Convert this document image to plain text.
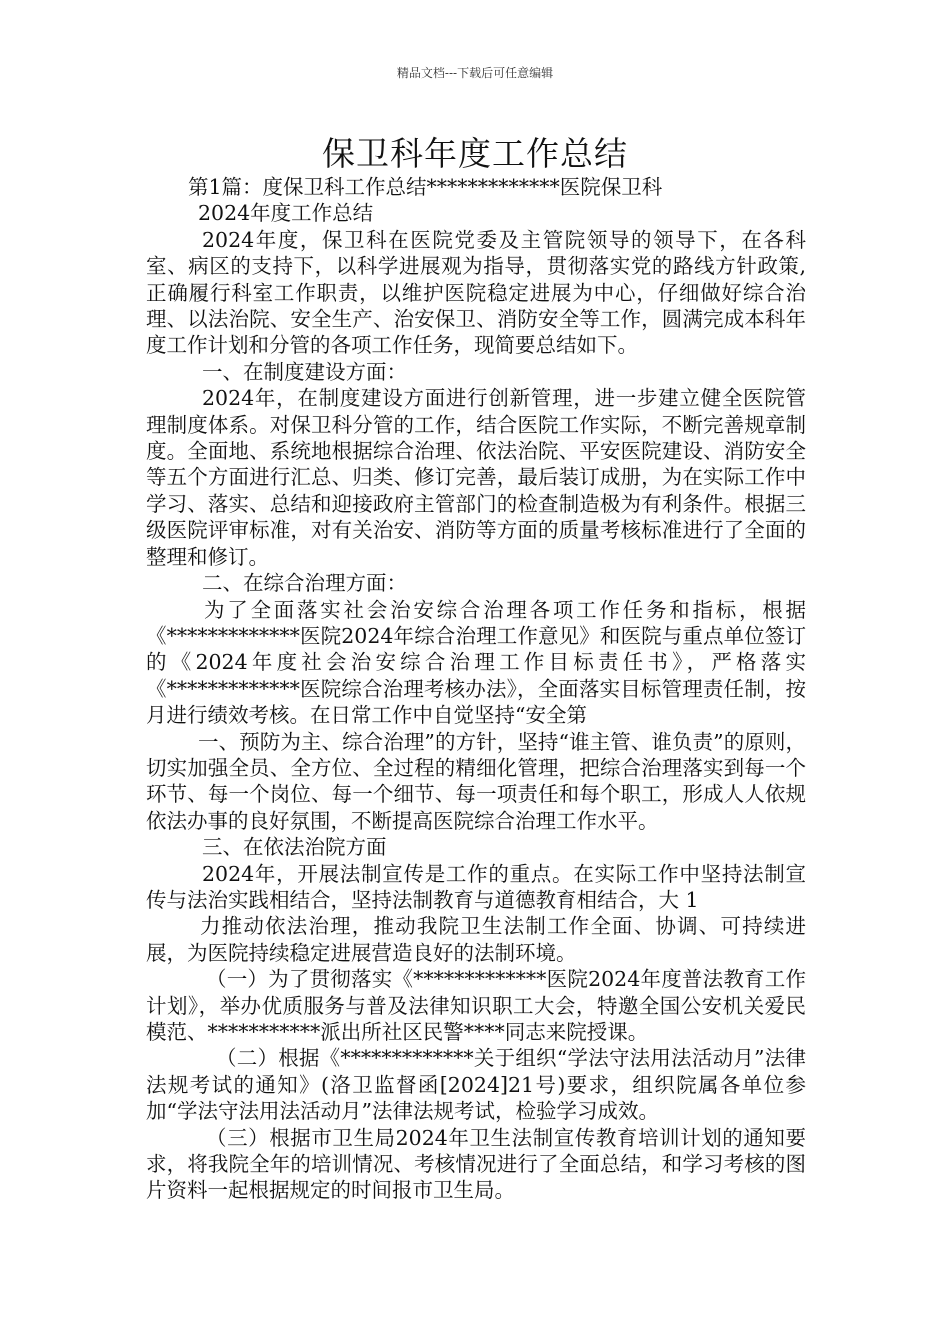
精品文档---下载后可任意编辑
保卫科年度工作总结

第1篇：度保卫科工作总结*************医院保卫科

2024年度工作总结

2024年度，保卫科在医院党委及主管院领导的领导下，在各科室、病区的支持下，以科学进展观为指导，贯彻落实党的路线方针政策,正确履行科室工作职责，以维护医院稳定进展为中心，仔细做好综合治理、以法治院、安全生产、治安保卫、消防安全等工作，圆满完成本科年度工作计划和分管的各项工作任务，现简要总结如下。

一、在制度建设方面：

2024年，在制度建设方面进行创新管理，进一步建立健全医院管理制度体系。对保卫科分管的工作，结合医院工作实际，不断完善规章制度。全面地、系统地根据综合治理、依法治院、平安医院建设、消防安全等五个方面进行汇总、归类、修订完善，最后装订成册，为在实际工作中学习、落实、总结和迎接政府主管部门的检查制造极为有利条件。根据三级医院评审标准，对有关治安、消防等方面的质量考核标准进行了全面的整理和修订。

二、在综合治理方面：

为了全面落实社会治安综合治理各项工作任务和指标，根据《*************医院2024年综合治理工作意见》和医院与重点单位签订的《2024年度社会治安综合治理工作目标责任书》，严格落实《*************医院综合治理考核办法》，全面落实目标管理责任制，按月进行绩效考核。在日常工作中自觉坚持“安全第

一、预防为主、综合治理”的方针，坚持“谁主管、谁负责”的原则，切实加强全员、全方位、全过程的精细化管理，把综合治理落实到每一个环节、每一个岗位、每一个细节、每一项责任和每个职工，形成人人依规依法办事的良好氛围，不断提高医院综合治理工作水平。

三、在依法治院方面

2024年，开展法制宣传是工作的重点。在实际工作中坚持法制宣传与法治实践相结合，坚持法制教育与道德教育相结合，大 1

力推动依法治理，推动我院卫生法制工作全面、协调、可持续进展，为医院持续稳定进展营造良好的法制环境。

（一）为了贯彻落实《*************医院2024年度普法教育工作计划》，举办优质服务与普及法律知识职工大会，特邀全国公安机关爱民模范、***********派出所社区民警****同志来院授课。

（二）根据《*************关于组织“学法守法用法活动月”法律法规考试的通知》(洛卫监督函[2024]21号)要求，组织院属各单位参加“学法守法用法活动月”法律法规考试，检验学习成效。

（三）根据市卫生局2024年卫生法制宣传教育培训计划的通知要求，将我院全年的培训情况、考核情况进行了全面总结，和学习考核的图片资料一起根据规定的时间报市卫生局。
